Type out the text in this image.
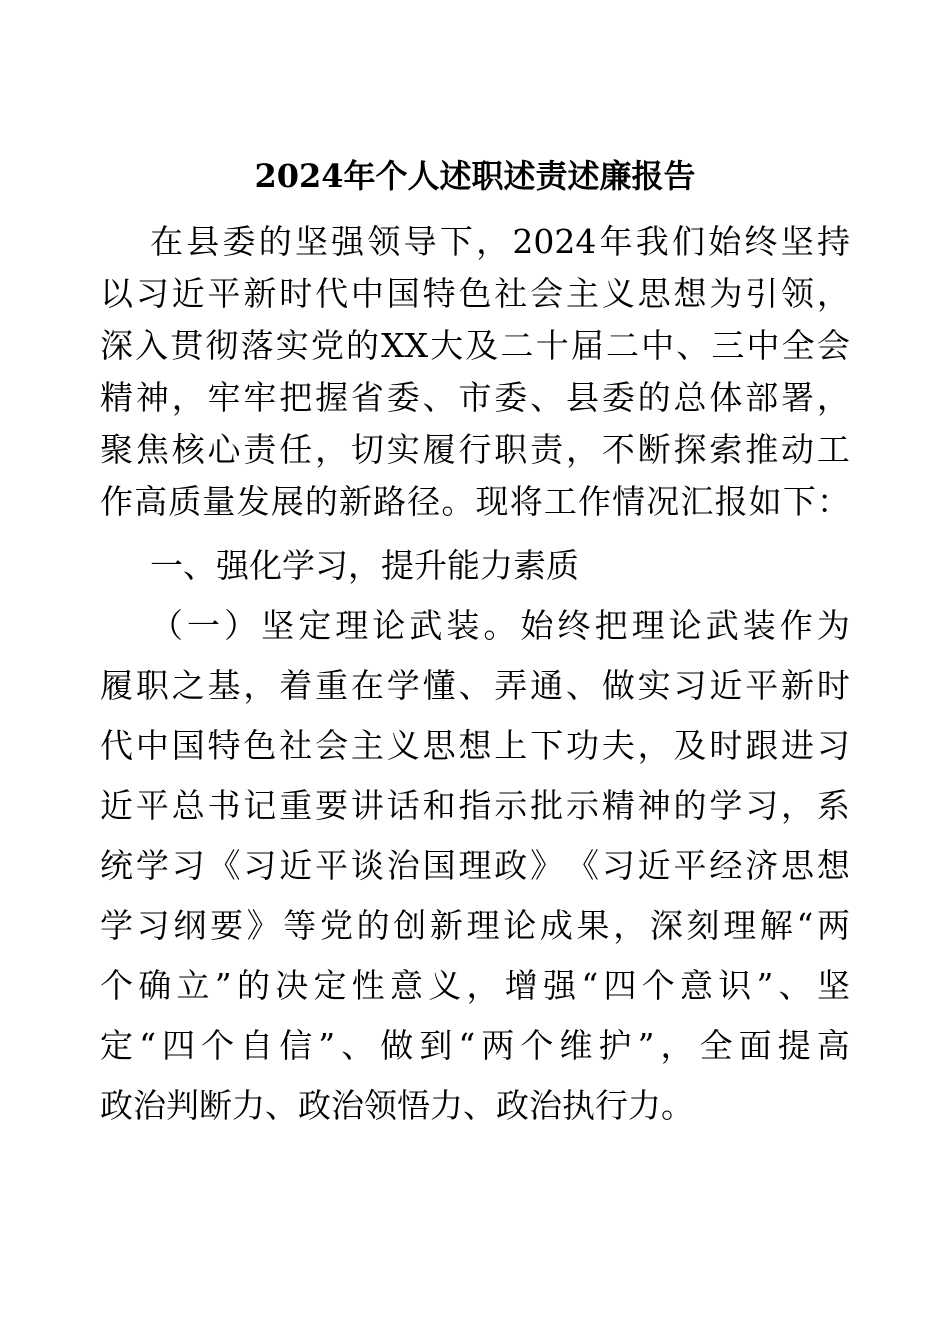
2024年个人述职述责述廉报告
在 县 委 的 坚 强 领 导 下 ， 2024 年 我 们 始 终 坚 持
以 习 近 平 新 时 代 中 国 特 色 社 会 主 义 思 想 为 引 领 ，
深 入 贯 彻 落 实 党 的 XX 大 及 二 十 届 二 中 、 三 中 全 会
精 神 ， 牢 牢 把 握 省 委 、 市 委 、 县 委 的 总 体 部 署 ，
聚 焦 核 心 责 任 ， 切 实 履 行 职 责 ， 不 断 探 索 推 动 工
作 高 质 量 发 展 的 新 路 径 。 现 将 工 作 情 况 汇 报 如 下 ：
一、强化学习，提升能力素质
（ 一 ） 坚 定 理 论 武 装 。 始 终 把 理 论 武 装 作 为
履 职 之 基 ， 着 重 在 学 懂 、 弄 通 、 做 实 习 近 平 新 时
代 中 国 特 色 社 会 主 义 思 想 上 下 功 夫 ， 及 时 跟 进 习
近 平 总 书 记 重 要 讲 话 和 指 示 批 示 精 神 的 学 习 ， 系
统 学 习 《 习 近 平 谈 治 国 理 政 》 《 习 近 平 经 济 思 想
学 习 纲 要 》 等 党 的 创 新 理 论 成 果 ， 深 刻 理 解 “ 两
个 确 立 ” 的 决 定 性 意 义 ， 增 强 “ 四 个 意 识 ” 、 坚
定 “ 四 个 自 信 ” 、 做 到 “ 两 个 维 护 ” ， 全 面 提 高
政治判断力、政治领悟力、政治执行力。
